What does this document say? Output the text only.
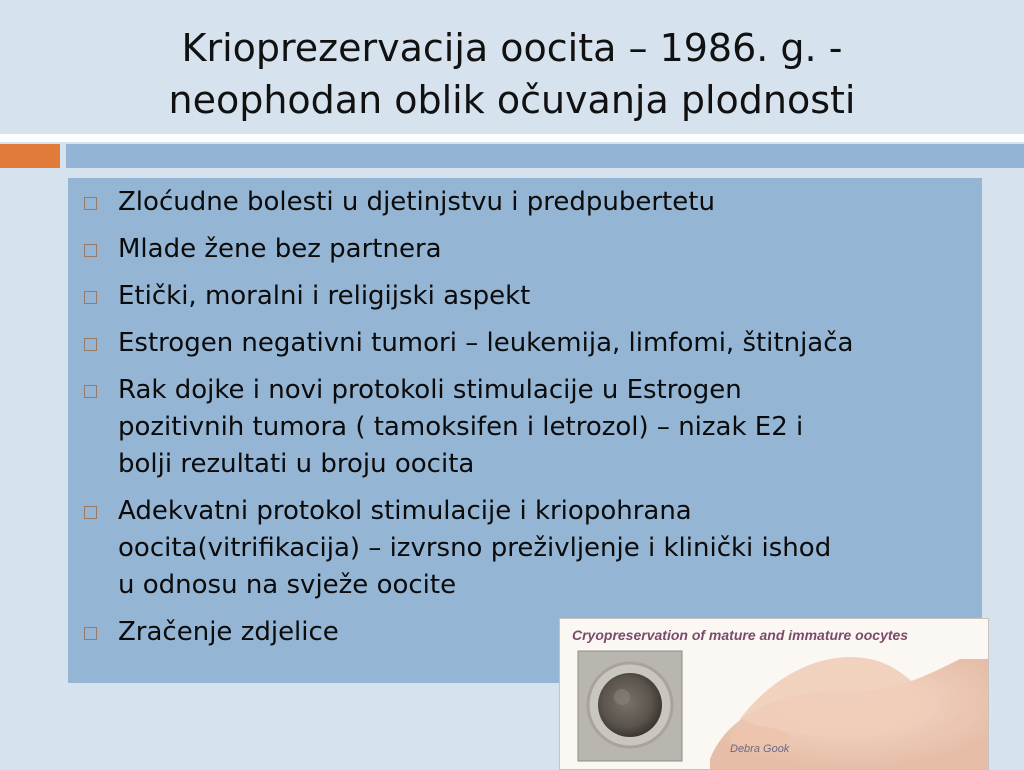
Krioprezervacija oocita – 1986. g. -
neophodan oblik očuvanja plodnosti
Zloćudne bolesti u djetinjstvu i predpubertetu
Mlade žene bez partnera
Etički, moralni i religijski aspekt
Estrogen negativni tumori – leukemija, limfomi, štitnjača
Rak dojke i novi protokoli stimulacije u Estrogen
pozitivnih tumora ( tamoksifen i letrozol) – nizak E2 i
bolji rezultati u broju oocita
Adekvatni protokol stimulacije i kriopohrana
oocita(vitrifikacija) – izvrsno preživljenje i klinički ishod
u odnosu na svježe oocite
Zračenje zdjelice	Cryopreservation of mature and immature oocytes
Debra Gook
